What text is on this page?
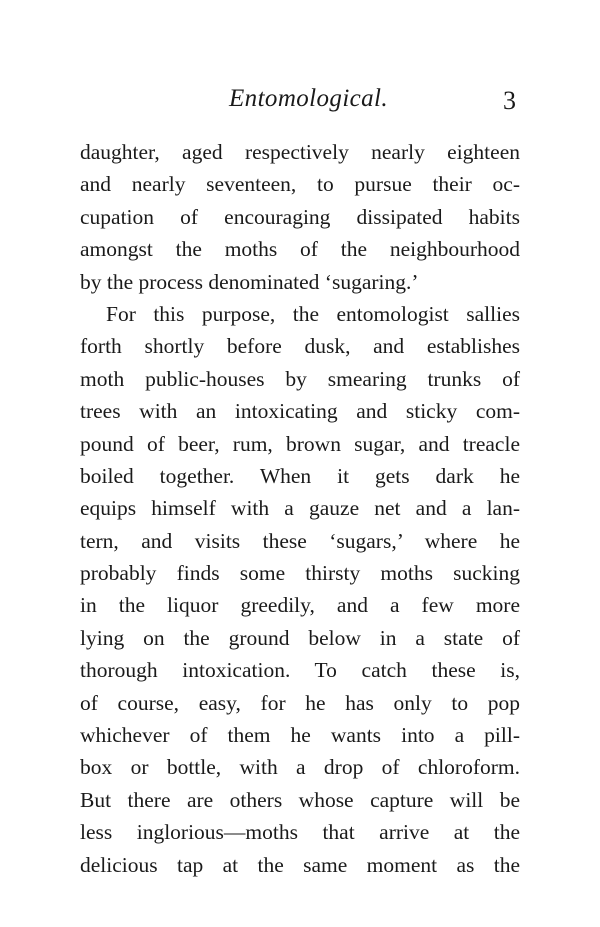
Entomological.	3
daughter, aged respectively nearly eighteen
and nearly seventeen, to pursue their oc-
cupation of encouraging dissipated habits
amongst the moths of the neighbourhood
by the process denominated ‘sugaring.’
For this purpose, the entomologist sallies
forth shortly before dusk, and establishes
moth public-houses by smearing trunks of
trees with an intoxicating and sticky com-
pound of beer, rum, brown sugar, and treacle
boiled together. When it gets dark he
equips himself with a gauze net and a lan-
tern, and visits these ‘sugars,’ where he
probably finds some thirsty moths sucking
in the liquor greedily, and a few more
lying on the ground below in a state of
thorough intoxication. To catch these is,
of course, easy, for he has only to pop
whichever of them he wants into a pill-
box or bottle, with a drop of chloroform.
But there are others whose capture will be
less inglorious—moths that arrive at the
delicious tap at the same moment as the
